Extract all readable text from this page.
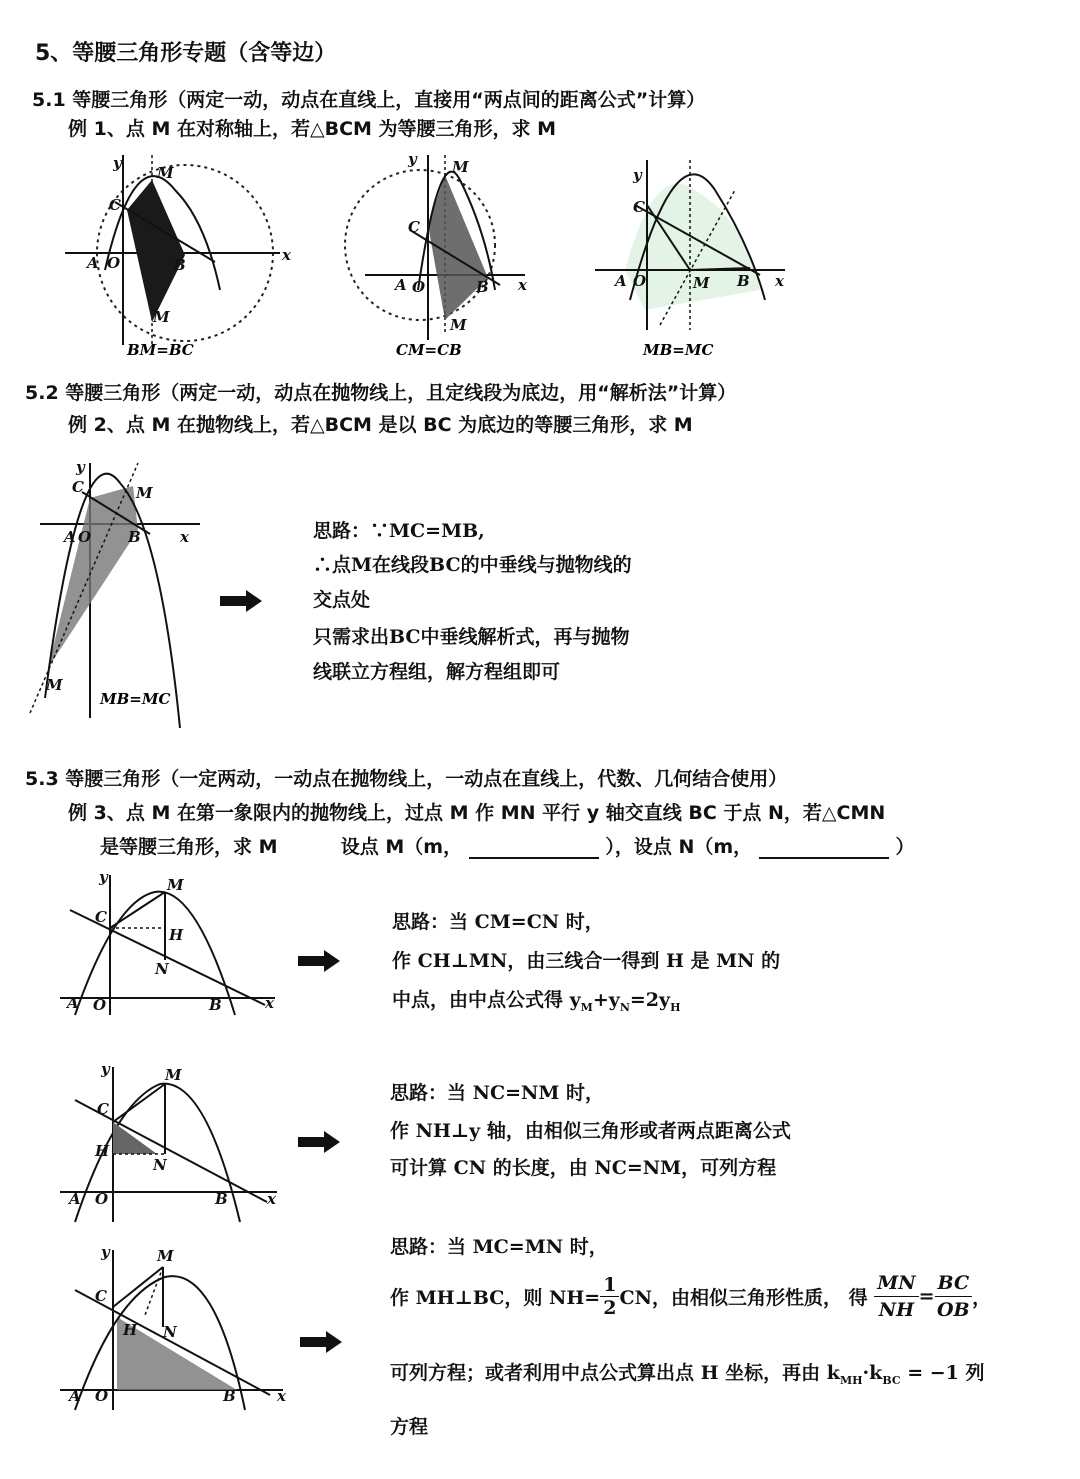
5、等腰三角形专题（含等边）
5.1 等腰三角形（两定一动，动点在直线上，直接用“两点间的距离公式”计算）
例 1、点 M 在对称轴上，若△BCM 为等腰三角形，求 M
y
x
C
M
A O	B
M
BM=BC
y
x
C
M
A O	B
M
CM=CB
y
x
C
A O	M B
MB=MC
5.2 等腰三角形（两定一动，动点在抛物线上，且定线段为底边，用“解析法”计算）
例 2、点 M 在抛物线上，若△BCM 是以 BC 为底边的等腰三角形，求 M
y
x
C	M
A O B
M
MB=MC
思路：∵MC=MB,
∴点M在线段BC的中垂线与抛物线的
交点处
只需求出BC中垂线解析式，再与抛物
线联立方程组，解方程组即可
5.3 等腰三角形（一定两动，一动点在抛物线上，一动点在直线上，代数、几何结合使用）
例 3、点 M 在第一象限内的抛物线上，过点 M 作 MN 平行 y 轴交直线 BC 于点 N，若△CMN
是等腰三角形，求 M	设点 M（m，	），设点 N（m，	）
y
x
C
M
H
N
A O	B
思路：当 CM=CN 时，
作 CH⊥MN，由三线合一得到 H 是 MN 的
中点，由中点公式得 $y_M+y_N=2y_H$
y
x
C
M
H
N
A O	B
思路：当 NC=NM 时，
作 NH⊥y 轴，由相似三角形或者两点距离公式
可计算 CN 的长度，由 NC=NM，可列方程
y
x
C
M
H N
A O	B
思路：当 MC=MN 时，
作 MH⊥BC，则 $NH= \frac{1}{2}$ CN，由相似三角形性质， 得 $\frac{MN}{NH} = \frac{BC}{OB}$ ，
可列方程；或者利用中点公式算出点 H 坐标，再由 $k_{MH}\cdot k_{BC} = -1$ 列
方程
